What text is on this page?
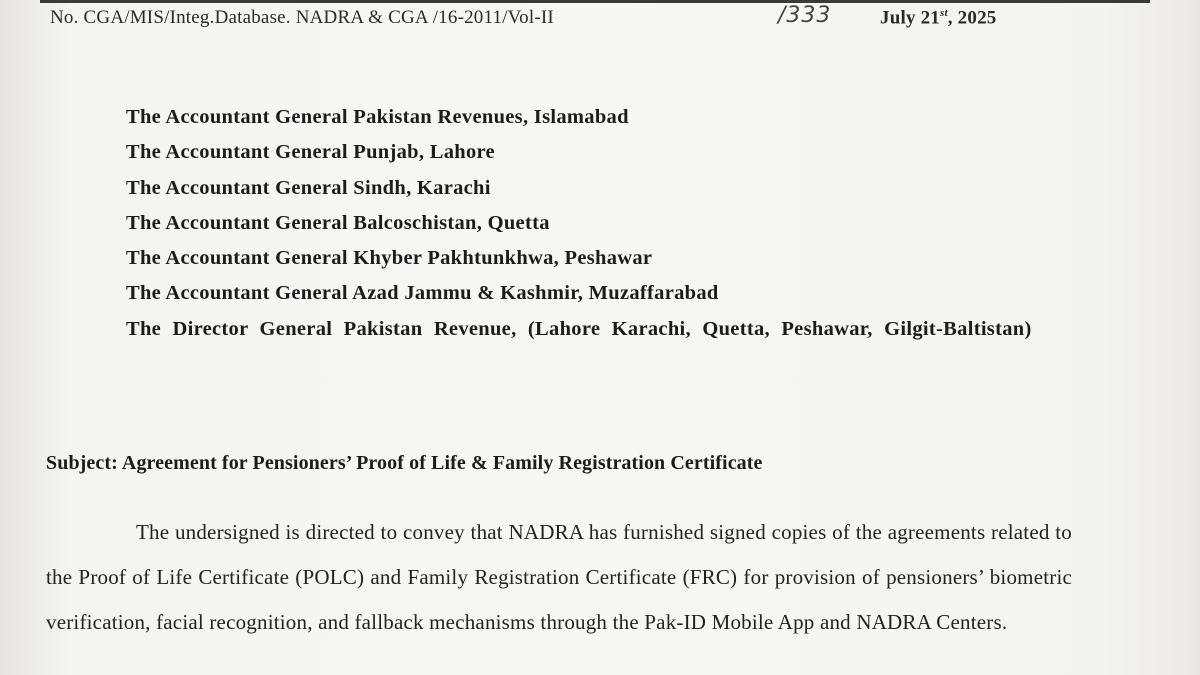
No. CGA/MIS/Integ.Database. NADRA & CGA /16-2011/Vol-II	/333	July 21st, 2025
The Accountant General Pakistan Revenues, Islamabad
The Accountant General Punjab, Lahore
The Accountant General Sindh, Karachi
The Accountant General Balcoschistan, Quetta
The Accountant General Khyber Pakhtunkhwa, Peshawar
The Accountant General Azad Jammu & Kashmir, Muzaffarabad
The Director General Pakistan Revenue, (Lahore Karachi, Quetta, Peshawar, Gilgit-Baltistan)
Subject: Agreement for Pensioners’ Proof of Life & Family Registration Certificate

The undersigned is directed to convey that NADRA has furnished signed copies of the agreements related to the Proof of Life Certificate (POLC) and Family Registration Certificate (FRC) for provision of pensioners’ biometric verification, facial recognition, and fallback mechanisms through the Pak-ID Mobile App and NADRA Centers.
